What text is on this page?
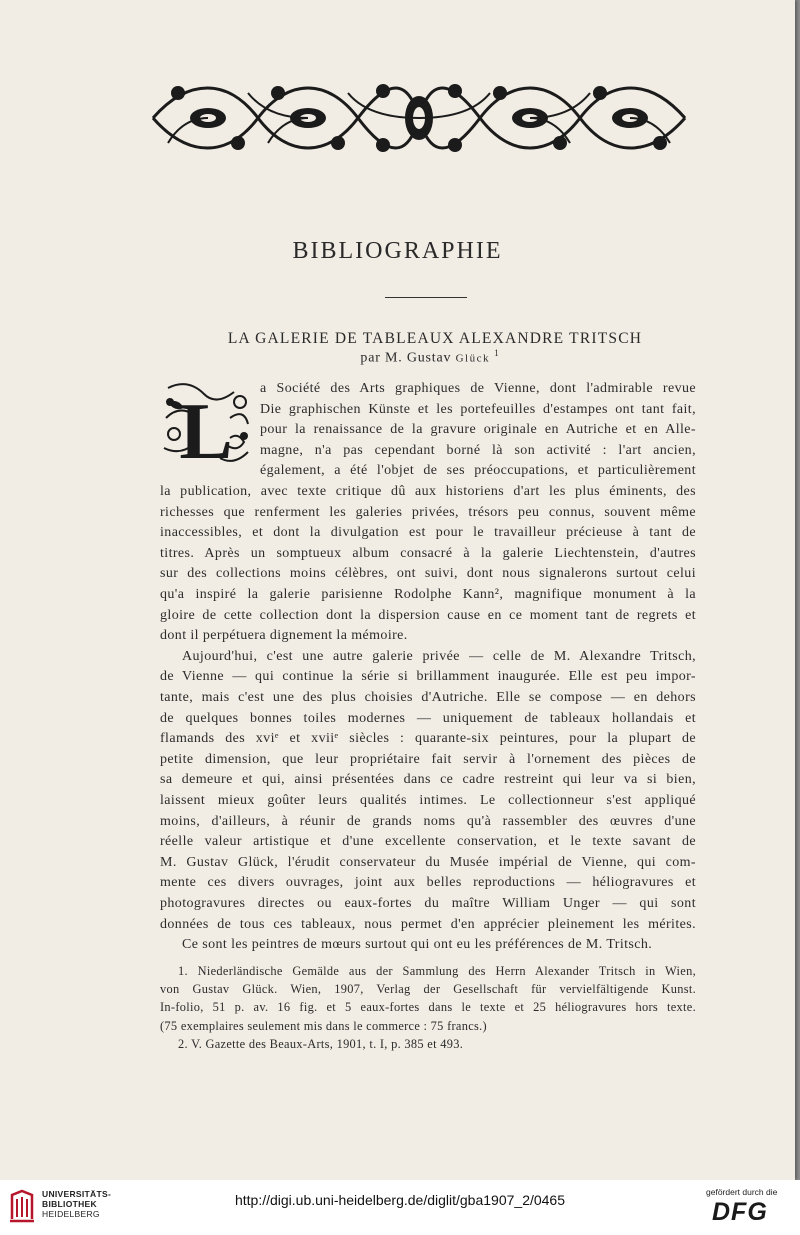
BIBLIOGRAPHIE
LA GALERIE DE TABLEAUX ALEXANDRE TRITSCH
par M. Gustav Glück $^1$
L a Société des Arts graphiques de Vienne, dont l'admirable revue
Die graphischen Künste et les portefeuilles d'estampes ont tant fait,
pour la renaissance de la gravure originale en Autriche et en Alle-
magne, n'a pas cependant borné là son activité : l'art ancien,
également, a été l'objet de ses préoccupations, et particulièrement
la publication, avec texte critique dû aux historiens d'art les plus éminents, des
richesses que renferment les galeries privées, trésors peu connus, souvent même
inaccessibles, et dont la divulgation est pour le travailleur précieuse à tant de
titres. Après un somptueux album consacré à la galerie Liechtenstein, d'autres
sur des collections moins célèbres, ont suivi, dont nous signalerons surtout celui
qu'a inspiré la galerie parisienne Rodolphe Kann², magnifique monument à la
gloire de cette collection dont la dispersion cause en ce moment tant de regrets et
dont il perpétuera dignement la mémoire.
Aujourd'hui, c'est une autre galerie privée — celle de M. Alexandre Tritsch,
de Vienne — qui continue la série si brillamment inaugurée. Elle est peu impor-
tante, mais c'est une des plus choisies d'Autriche. Elle se compose — en dehors
de quelques bonnes toiles modernes — uniquement de tableaux hollandais et
flamands des xviᵉ et xviiᵉ siècles : quarante-six peintures, pour la plupart de
petite dimension, que leur propriétaire fait servir à l'ornement des pièces de
sa demeure et qui, ainsi présentées dans ce cadre restreint qui leur va si bien,
laissent mieux goûter leurs qualités intimes. Le collectionneur s'est appliqué
moins, d'ailleurs, à réunir de grands noms qu'à rassembler des œuvres d'une
réelle valeur artistique et d'une excellente conservation, et le texte savant de
M. Gustav Glück, l'érudit conservateur du Musée impérial de Vienne, qui com-
mente ces divers ouvrages, joint aux belles reproductions — héliogravures et
photogravures directes ou eaux-fortes du maître William Unger — qui sont
données de tous ces tableaux, nous permet d'en apprécier pleinement les mérites.
Ce sont les peintres de mœurs surtout qui ont eu les préférences de M. Tritsch.
1. Niederländische Gemälde aus der Sammlung des Herrn Alexander Tritsch in Wien,
von Gustav Glück. Wien, 1907, Verlag der Gesellschaft für vervielfältigende Kunst.
In-folio, 51 p. av. 16 fig. et 5 eaux-fortes dans le texte et 25 héliogravures hors texte.
(75 exemplaires seulement mis dans le commerce : 75 francs.)
2. V. Gazette des Beaux-Arts, 1901, t. I, p. 385 et 493.
UNIVERSITÄTS-
BIBLIOTHEK
HEIDELBERG
http://digi.ub.uni-heidelberg.de/diglit/gba1907_2/0465	gefördert durch die
DFG
